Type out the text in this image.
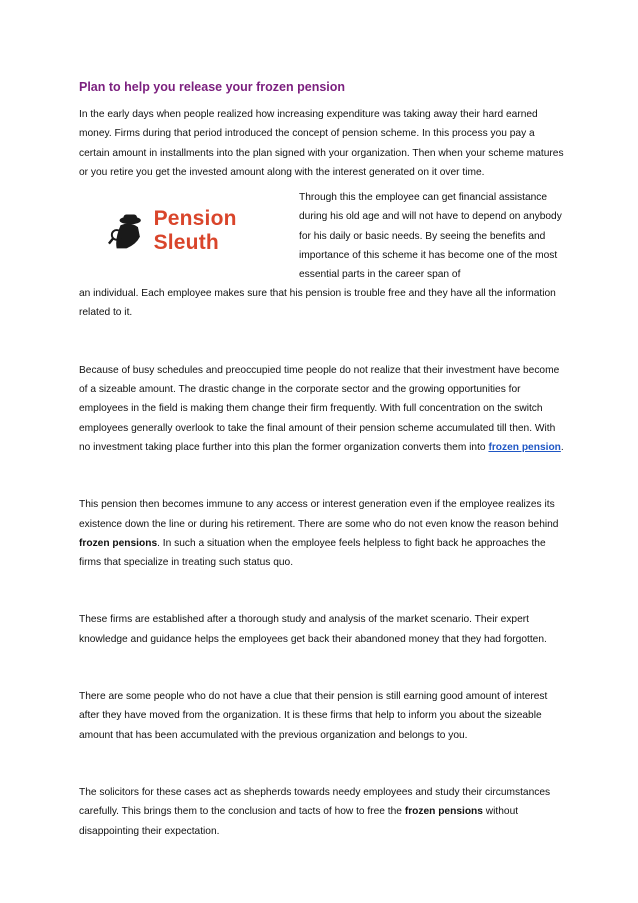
Plan to help you release your frozen pension

In the early days when people realized how increasing expenditure was taking away their hard earned money. Firms during that period introduced the concept of pension scheme. In this process you pay a certain amount in installments into the plan signed with your organization. Then when your scheme matures or you retire you get the invested amount along with the interest generated on it over time.

Pension Sleuth

Through this the employee can get financial assistance during his old age and will not have to depend on anybody for his daily or basic needs. By seeing the benefits and importance of this scheme it has become one of the most essential parts in the career span of

an individual. Each employee makes sure that his pension is trouble free and they have all the information related to it.

Because of busy schedules and preoccupied time people do not realize that their investment have become of a sizeable amount. The drastic change in the corporate sector and the growing opportunities for employees in the field is making them change their firm frequently. With full concentration on the switch employees generally overlook to take the final amount of their pension scheme accumulated till then. With no investment taking place further into this plan the former organization converts them into frozen pension.

This pension then becomes immune to any access or interest generation even if the employee realizes its existence down the line or during his retirement. There are some who do not even know the reason behind frozen pensions. In such a situation when the employee feels helpless to fight back he approaches the firms that specialize in treating such status quo.

These firms are established after a thorough study and analysis of the market scenario. Their expert knowledge and guidance helps the employees get back their abandoned money that they had forgotten.

There are some people who do not have a clue that their pension is still earning good amount of interest after they have moved from the organization. It is these firms that help to inform you about the sizeable amount that has been accumulated with the previous organization and belongs to you.

The solicitors for these cases act as shepherds towards needy employees and study their circumstances carefully. This brings them to the conclusion and tacts of how to free the frozen pensions without disappointing their expectation.
